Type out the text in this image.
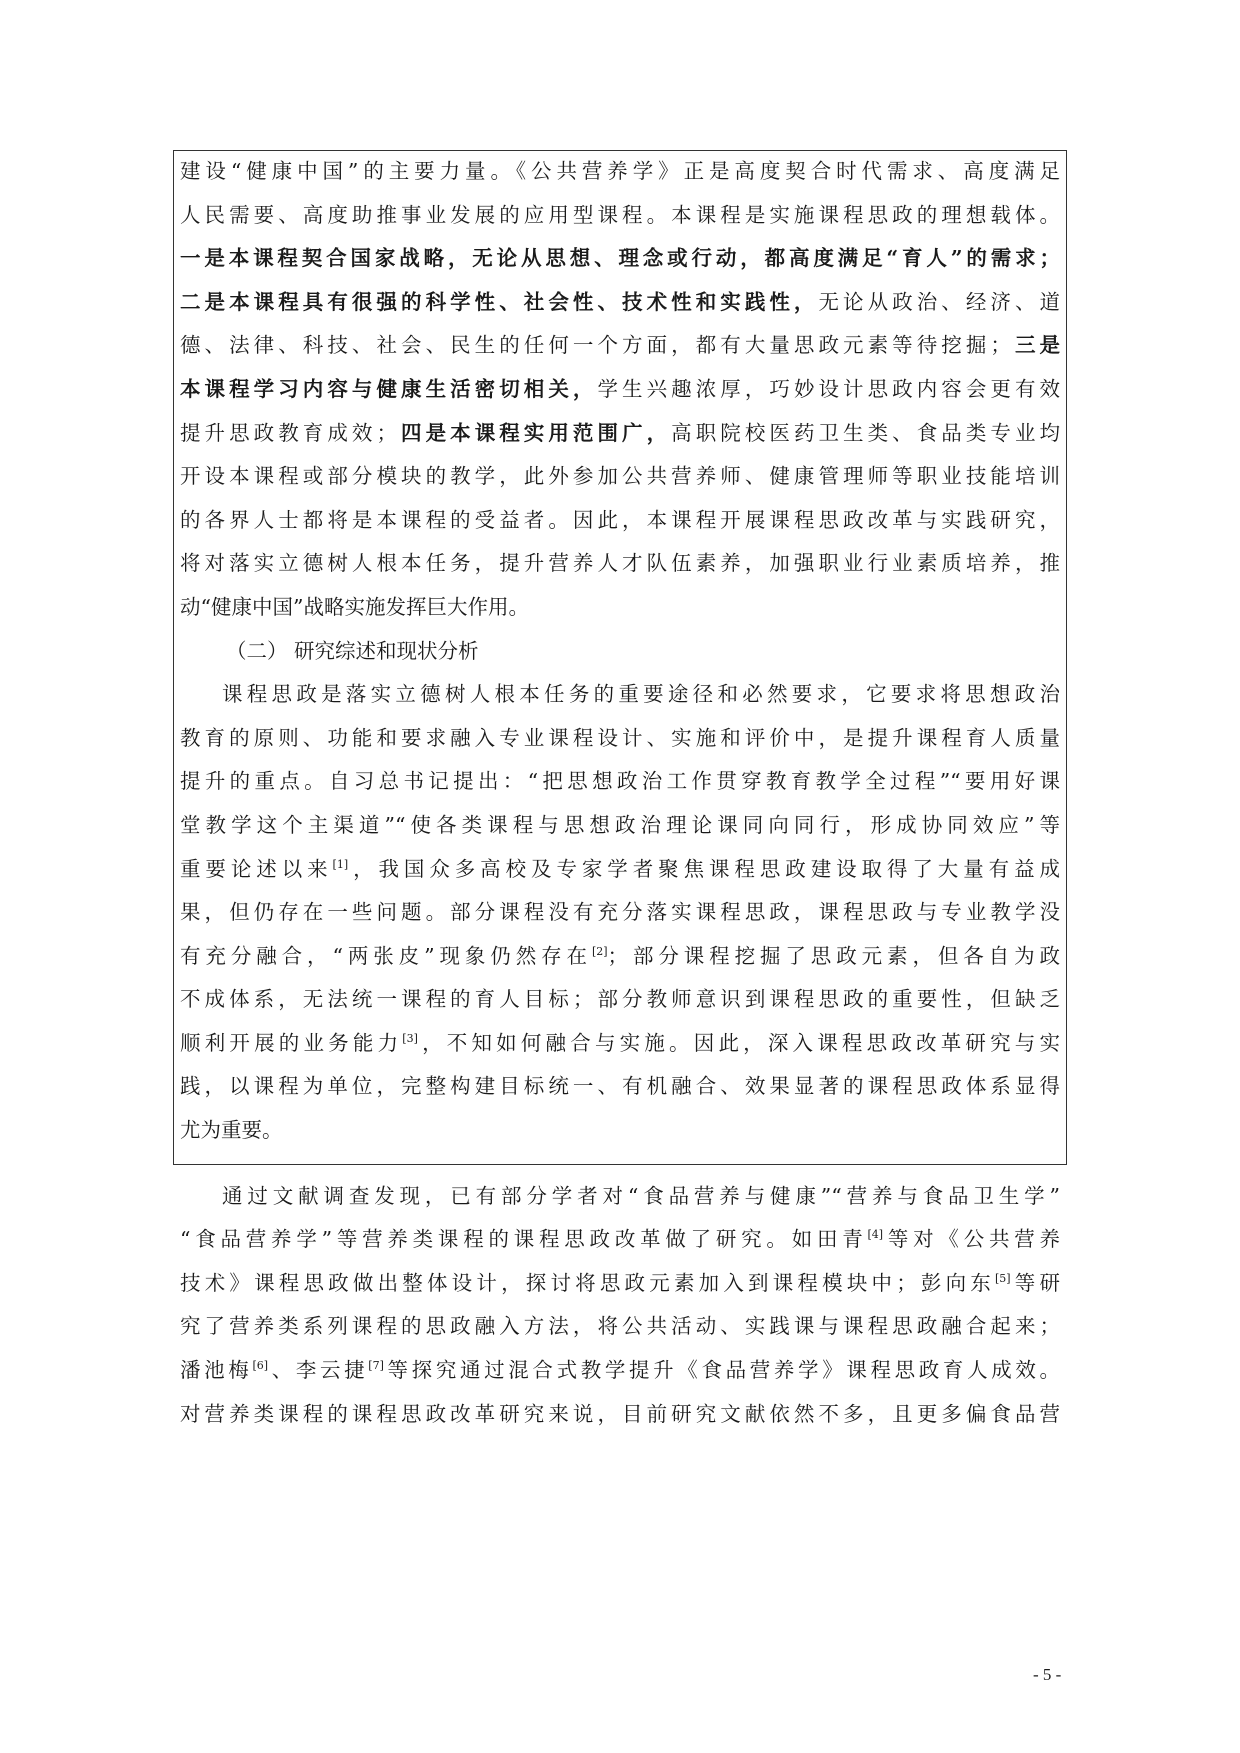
建设“健康中国”的主要力量。《公共营养学》正是高度契合时代需求、高度满足
人民需要、高度助推事业发展的应用型课程。本课程是实施课程思政的理想载体。
一是本课程契合国家战略，无论从思想、理念或行动，都高度满足“育人”的需求；
二是本课程具有很强的科学性、社会性、技术性和实践性，无论从政治、经济、道
德、法律、科技、社会、民生的任何一个方面，都有大量思政元素等待挖掘；三是
本课程学习内容与健康生活密切相关，学生兴趣浓厚，巧妙设计思政内容会更有效
提升思政教育成效；四是本课程实用范围广，高职院校医药卫生类、食品类专业均
开设本课程或部分模块的教学，此外参加公共营养师、健康管理师等职业技能培训
的各界人士都将是本课程的受益者。因此，本课程开展课程思政改革与实践研究，
将对落实立德树人根本任务，提升营养人才队伍素养，加强职业行业素质培养，推
动“健康中国”战略实施发挥巨大作用。
（二） 研究综述和现状分析
课程思政是落实立德树人根本任务的重要途径和必然要求，它要求将思想政治
教育的原则、功能和要求融入专业课程设计、实施和评价中，是提升课程育人质量
提升的重点。自习总书记提出：“把思想政治工作贯穿教育教学全过程”“要用好课
堂教学这个主渠道”“使各类课程与思想政治理论课同向同行，形成协同效应”等
重要论述以来[1]，我国众多高校及专家学者聚焦课程思政建设取得了大量有益成
果，但仍存在一些问题。部分课程没有充分落实课程思政，课程思政与专业教学没
有充分融合，“两张皮”现象仍然存在[2]；部分课程挖掘了思政元素，但各自为政
不成体系，无法统一课程的育人目标；部分教师意识到课程思政的重要性，但缺乏
顺利开展的业务能力[3]，不知如何融合与实施。因此，深入课程思政改革研究与实
践，以课程为单位，完整构建目标统一、有机融合、效果显著的课程思政体系显得
尤为重要。
通过文献调查发现，已有部分学者对“食品营养与健康”“营养与食品卫生学”
“食品营养学”等营养类课程的课程思政改革做了研究。如田青[4]等对《公共营养
技术》课程思政做出整体设计，探讨将思政元素加入到课程模块中；彭向东[5]等研
究了营养类系列课程的思政融入方法，将公共活动、实践课与课程思政融合起来；
潘池梅[6]、李云捷[7]等探究通过混合式教学提升《食品营养学》课程思政育人成效。
对营养类课程的课程思政改革研究来说，目前研究文献依然不多，且更多偏食品营
- 5 -
